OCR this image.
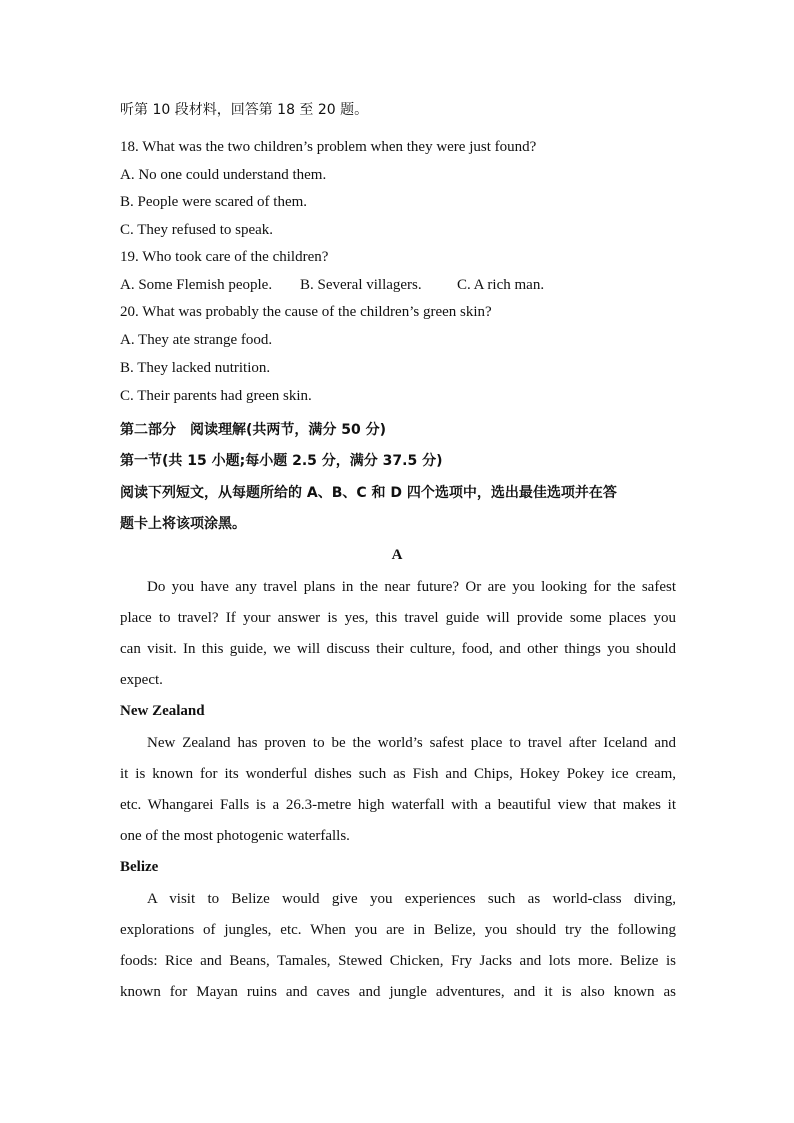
听第 10 段材料，回答第 18 至 20 题。
18. What was the two children’s problem when they were just found?
A. No one could understand them.
B. People were scared of them.
C. They refused to speak.
19. Who took care of the children?
A. Some Flemish people. B. Several villagers. C. A rich man.
20. What was probably the cause of the children’s green skin?
A. They ate strange food.
B. They lacked nutrition.
C. Their parents had green skin.
第二部分　阅读理解(共两节，满分 50 分)
第一节(共 15 小题;每小题 2.5 分，满分 37.5 分)
阅读下列短文，从每题所给的 A、B、C 和 D 四个选项中，选出最佳选项并在答
题卡上将该项涂黑。
A
Do you have any travel plans in the near future? Or are you looking for the safest
place to travel? If your answer is yes, this travel guide will provide some places you
can visit. In this guide, we will discuss their culture, food, and other things you should
expect.
New Zealand
New Zealand has proven to be the world’s safest place to travel after Iceland and
it is known for its wonderful dishes such as Fish and Chips, Hokey Pokey ice cream,
etc. Whangarei Falls is a 26.3-metre high waterfall with a beautiful view that makes it
one of the most photogenic waterfalls.
Belize
A visit to Belize would give you experiences such as world-class diving,
explorations of jungles, etc. When you are in Belize, you should try the following
foods: Rice and Beans, Tamales, Stewed Chicken, Fry Jacks and lots more. Belize is
known for Mayan ruins and caves and jungle adventures, and it is also known as
